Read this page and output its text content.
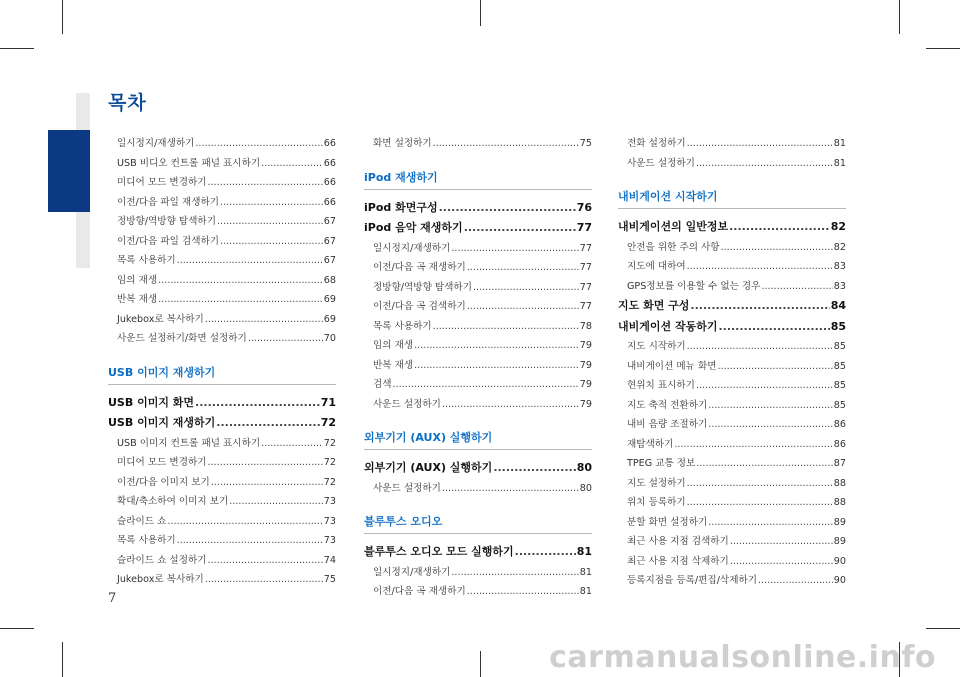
목차
일시정지/재생하기 .....	66
USB 비디오 컨트롤 패널 표시하기 .....	66
미디어 모드 변경하기 .....	66
이전/다음 파일 재생하기 .....	66
정방향/역방향 탐색하기 .....	67
이전/다음 파일 검색하기 .....	67
목록 사용하기 .....	67
임의 재생 .....	68
반복 재생 .....	69
Jukebox로 복사하기 .....	69
사운드 설정하기/화면 설정하기 .....	70
USB 이미지 재생하기
USB 이미지 화면 .....	71
USB 이미지 재생하기 .....	72
USB 이미지 컨트롤 패널 표시하기 .....	72
미디어 모드 변경하기 .....	72
이전/다음 이미지 보기 .....	72
확대/축소하여 이미지 보기 .....	73
슬라이드 쇼 .....	73
목록 사용하기 .....	73
슬라이드 쇼 설정하기 .....	74
Jukebox로 복사하기 .....	75
화면 설정하기 .....	75
iPod 재생하기
iPod 화면구성 .....	76
iPod 음악 재생하기 .....	77
일시정지/재생하기 .....	77
이전/다음 곡 재생하기 .....	77
정방향/역방향 탐색하기 .....	77
이전/다음 곡 검색하기 .....	77
목록 사용하기 .....	78
임의 재생 .....	79
반복 재생 .....	79
검색 .....	79
사운드 설정하기 .....	79
외부기기 (AUX) 실행하기
외부기기 (AUX) 실행하기 .....	80
사운드 설정하기 .....	80
블루투스 오디오
블루투스 오디오 모드 실행하기 .....	81
일시정지/재생하기 .....	81
이전/다음 곡 재생하기 .....	81
전화 설정하기 .....	81
사운드 설정하기 .....	81
내비게이션 시작하기
내비게이션의 일반정보 .....	82
안전을 위한 주의 사항 .....	82
지도에 대하여 .....	83
GPS정보를 이용할 수 없는 경우 .....	83
지도 화면 구성 .....	84
내비게이션 작동하기 .....	85
지도 시작하기 .....	85
내비게이션 메뉴 화면 .....	85
현위치 표시하기 .....	85
지도 축적 전환하기 .....	85
내비 음량 조절하기 .....	86
재탐색하기 .....	86
TPEG 교통 정보 .....	87
지도 설정하기 .....	88
위치 등록하기 .....	88
분할 화면 설정하기 .....	89
최근 사용 지점 검색하기 .....	89
최근 사용 지점 삭제하기 .....	90
등록지점을 등록/편집/삭제하기 .....	90
7
carmanualsonline.info
